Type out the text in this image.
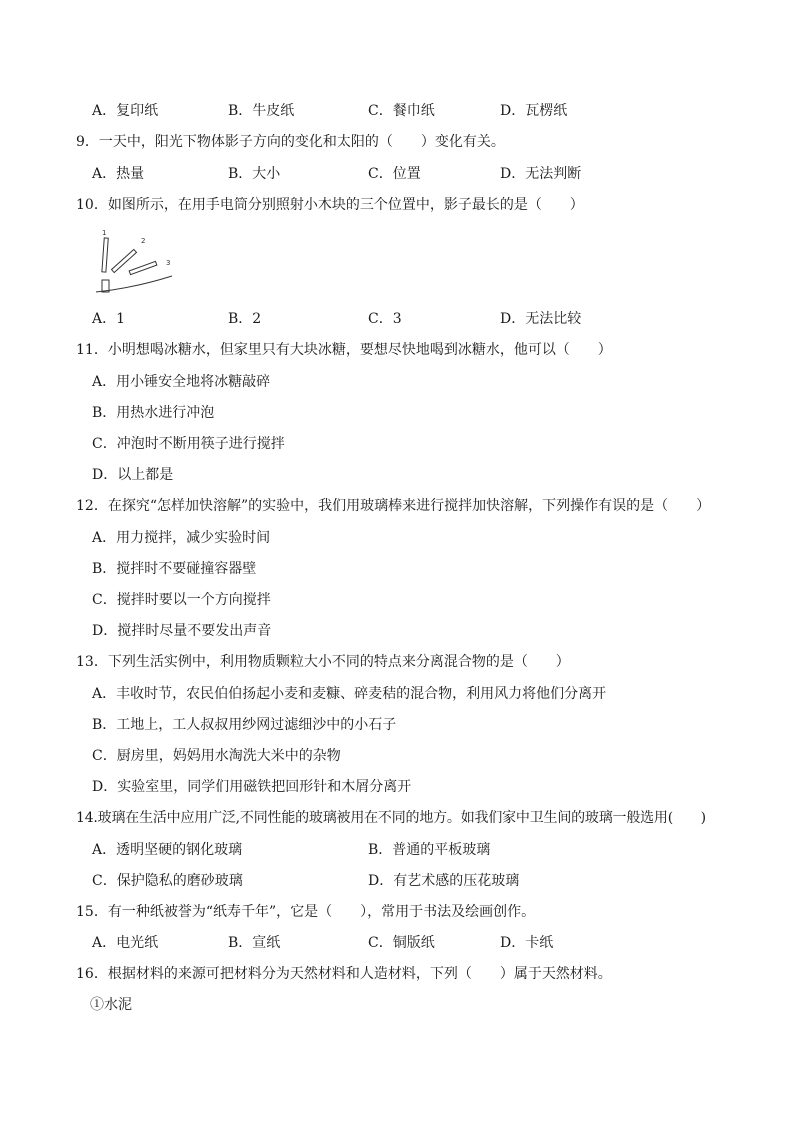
A．复印纸	B．牛皮纸	C．餐巾纸	D．瓦楞纸
9．一天中，阳光下物体影子方向的变化和太阳的（　　）变化有关。
A．热量	B．大小	C．位置	D．无法判断
10．如图所示，在用手电筒分别照射小木块的三个位置中，影子最长的是（　　）
1
2
3
A．1	B．2	C．3	D．无法比较
11．小明想喝冰糖水，但家里只有大块冰糖，要想尽快地喝到冰糖水，他可以（　　）
A．用小锤安全地将冰糖敲碎
B．用热水进行冲泡
C．冲泡时不断用筷子进行搅拌
D．以上都是
12．在探究“怎样加快溶解”的实验中，我们用玻璃棒来进行搅拌加快溶解，下列操作有误的是（　　）
A．用力搅拌，减少实验时间
B．搅拌时不要碰撞容器壁
C．搅拌时要以一个方向搅拌
D．搅拌时尽量不要发出声音
13．下列生活实例中，利用物质颗粒大小不同的特点来分离混合物的是（　　）
A．丰收时节，农民伯伯扬起小麦和麦糠、碎麦秸的混合物，利用风力将他们分离开
B．工地上，工人叔叔用纱网过滤细沙中的小石子
C．厨房里，妈妈用水淘洗大米中的杂物
D．实验室里，同学们用磁铁把回形针和木屑分离开
14.玻璃在生活中应用广泛,不同性能的玻璃被用在不同的地方。如我们家中卫生间的玻璃一般选用(　　)
A．透明坚硬的钢化玻璃	B．普通的平板玻璃
C．保护隐私的磨砂玻璃	D．有艺术感的压花玻璃
15．有一种纸被誉为“纸寿千年”，它是（　　），常用于书法及绘画创作。
A．电光纸	B．宣纸	C．铜版纸	D．卡纸
16．根据材料的来源可把材料分为天然材料和人造材料，下列（　　）属于天然材料。
①水泥
